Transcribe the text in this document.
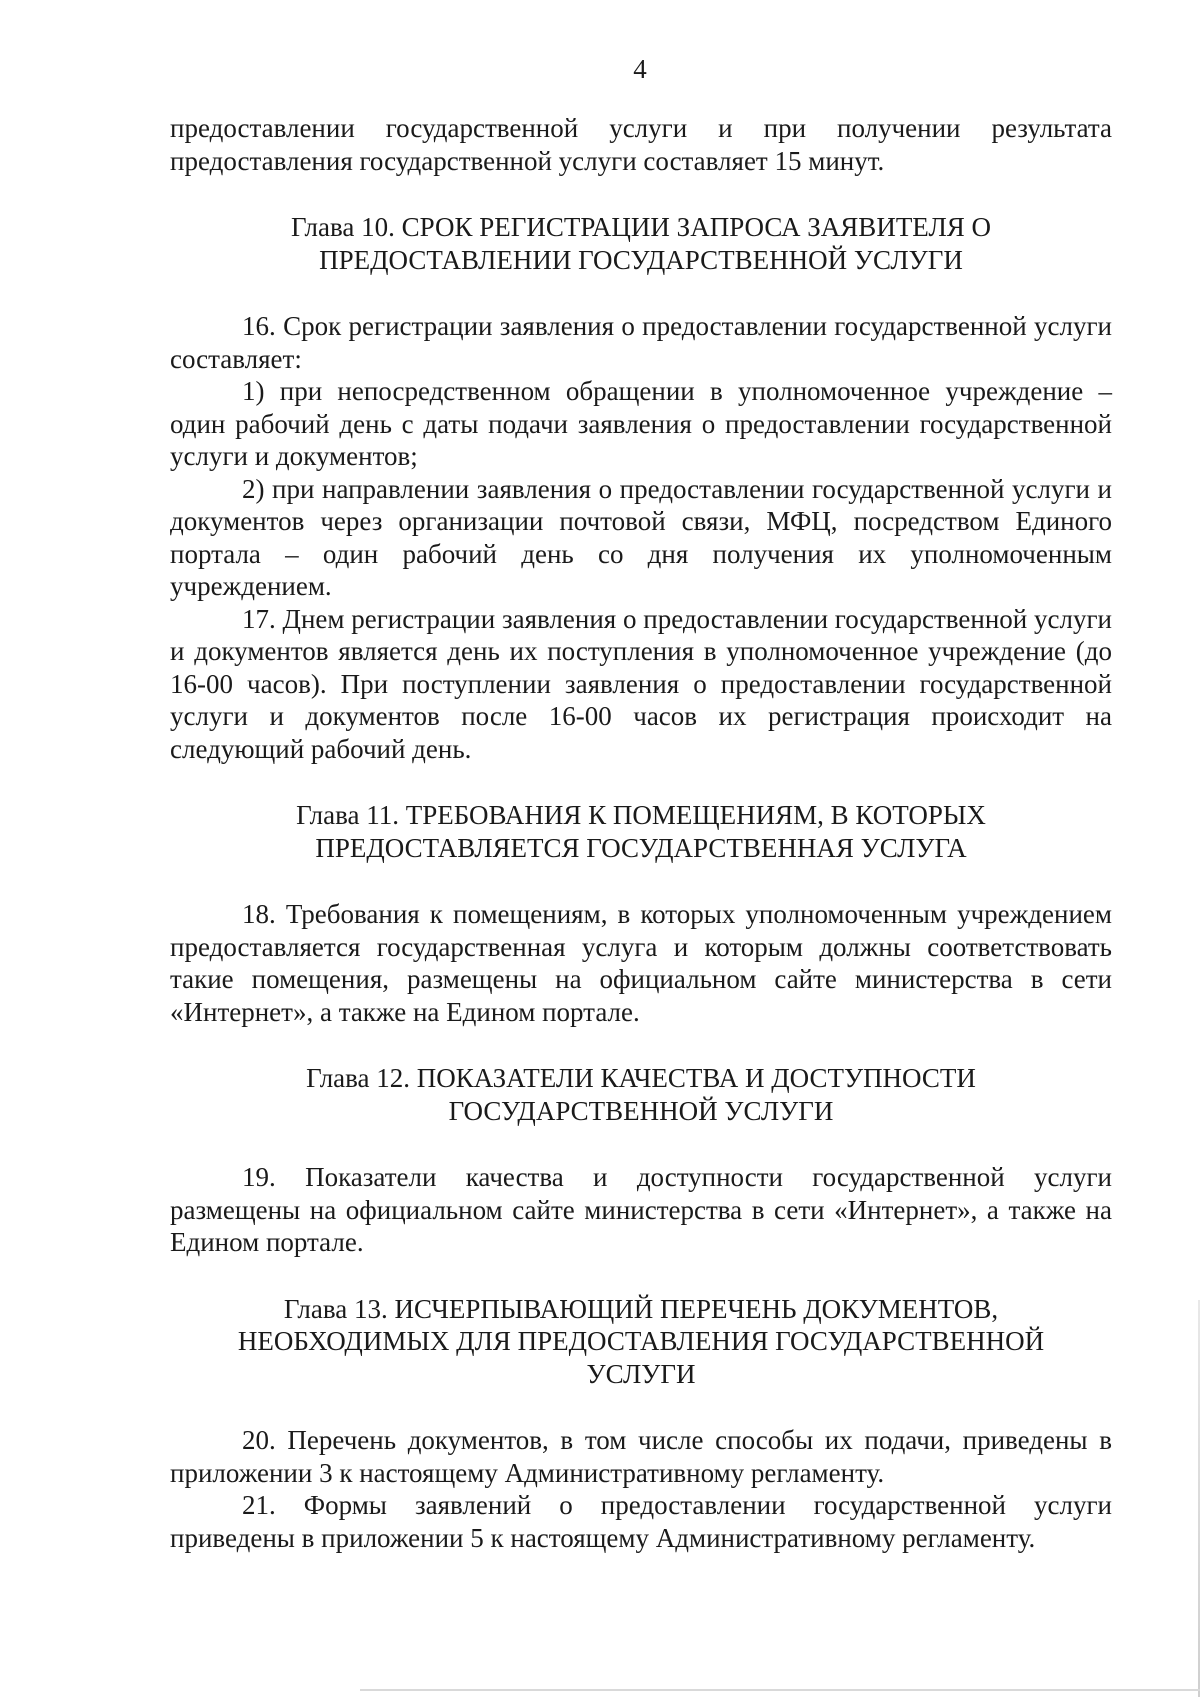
4

предоставлении государственной услуги и при получении результата предоставления государственной услуги составляет 15 минут.

Глава 10. СРОК РЕГИСТРАЦИИ ЗАПРОСА ЗАЯВИТЕЛЯ О
ПРЕДОСТАВЛЕНИИ ГОСУДАРСТВЕННОЙ УСЛУГИ

16. Срок регистрации заявления о предоставлении государственной услуги составляет:

1) при непосредственном обращении в уполномоченное учреждение – один рабочий день с даты подачи заявления о предоставлении государственной услуги и документов;

2) при направлении заявления о предоставлении государственной услуги и документов через организации почтовой связи, МФЦ, посредством Единого портала – один рабочий день со дня получения их уполномоченным учреждением.

17. Днем регистрации заявления о предоставлении государственной услуги и документов является день их поступления в уполномоченное учреждение (до 16-00 часов). При поступлении заявления о предоставлении государственной услуги и документов после 16-00 часов их регистрация происходит на следующий рабочий день.

Глава 11. ТРЕБОВАНИЯ К ПОМЕЩЕНИЯМ, В КОТОРЫХ
ПРЕДОСТАВЛЯЕТСЯ ГОСУДАРСТВЕННАЯ УСЛУГА

18. Требования к помещениям, в которых уполномоченным учреждением предоставляется государственная услуга и которым должны соответствовать такие помещения, размещены на официальном сайте министерства в сети «Интернет», а также на Едином портале.

Глава 12. ПОКАЗАТЕЛИ КАЧЕСТВА И ДОСТУПНОСТИ
ГОСУДАРСТВЕННОЙ УСЛУГИ

19. Показатели качества и доступности государственной услуги размещены на официальном сайте министерства в сети «Интернет», а также на Едином портале.

Глава 13. ИСЧЕРПЫВАЮЩИЙ ПЕРЕЧЕНЬ ДОКУМЕНТОВ,
НЕОБХОДИМЫХ ДЛЯ ПРЕДОСТАВЛЕНИЯ ГОСУДАРСТВЕННОЙ
УСЛУГИ

20. Перечень документов, в том числе способы их подачи, приведены в приложении 3 к настоящему Административному регламенту.

21. Формы заявлений о предоставлении государственной услуги приведены в приложении 5 к настоящему Административному регламенту.
